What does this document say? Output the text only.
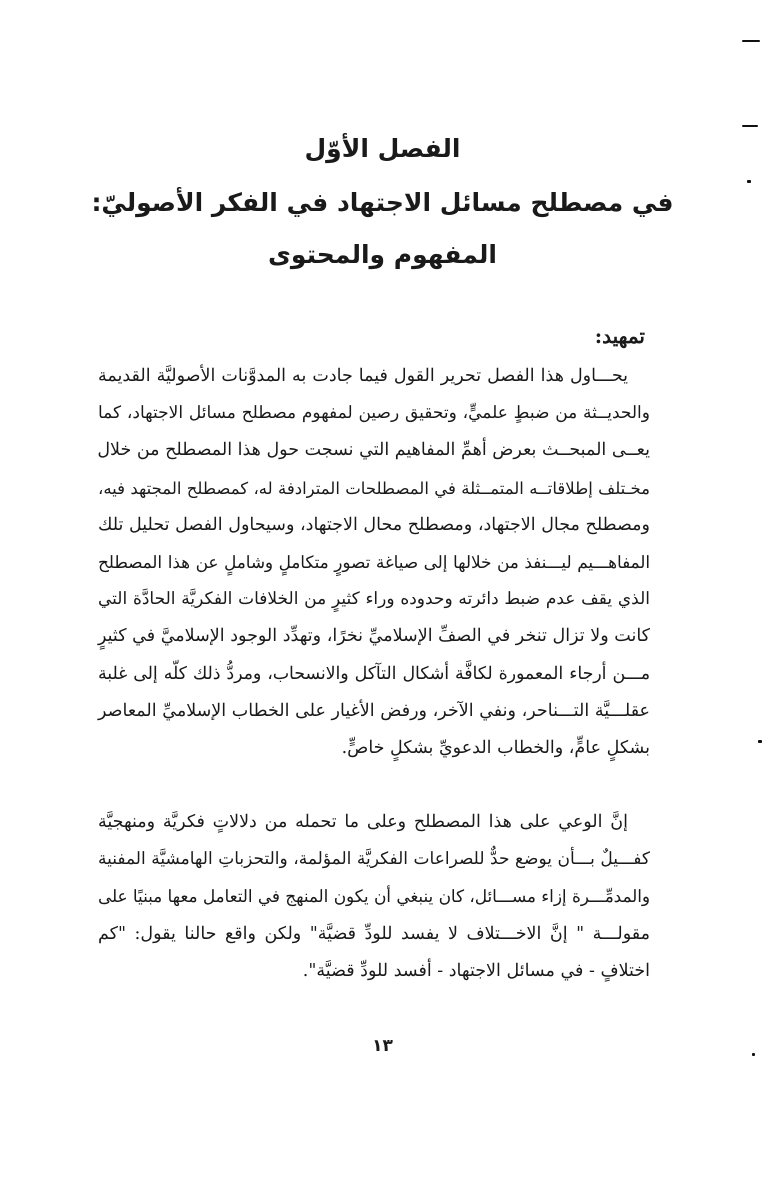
الفصل الأوّل
في مصطلح مسائل الاجتهاد في الفكر الأصوليّ:
المفهوم والمحتوى
تمهيد:
يحـــاول هذا الفصل تحرير القول فيما جادت به المدوَّنات الأصوليَّة القديمة
والحديــثة من ضبطٍ علميٍّ، وتحقيق رصين لمفهوم مصطلح مسائل الاجتهاد، كما
يعــى المبحــث بعرض أهمِّ المفاهيم التي نسجت حول هذا المصطلح من خلال
مخـتلف إطلاقاتــه المتمــثلة في المصطلحات المترادفة له، كمصطلح المجتهد فيه،
ومصطلح مجال الاجتهاد، ومصطلح محال الاجتهاد، وسيحاول الفصل تحليل تلك
المفاهـــيم ليـــنفذ من خلالها إلى صياغة تصورٍ متكاملٍ وشاملٍ عن هذا المصطلح
الذي يقف عدم ضبط دائرته وحدوده وراء كثيرٍ من الخلافات الفكريَّة الحادَّة التي
كانت ولا تزال تنخر في الصفِّ الإسلاميِّ نخرًا، وتهدِّد الوجود الإسلاميَّ في كثيرٍ
مـــن أرجاء المعمورة لكافَّة أشكال التآكل والانسحاب، ومردُّ ذلك كلّه إلى غلبة
عقلـــيَّة التـــناحر، ونفي الآخر، ورفض الأغيار على الخطاب الإسلاميِّ المعاصر
بشكلٍ عامٍّ، والخطاب الدعويِّ بشكلٍ خاصٍّ.
إنَّ الوعي على هذا المصطلح وعلى ما تحمله من دلالاتٍ فكريَّة ومنهجيَّة
كفـــيلٌ بـــأن يوضع حدٌّ للصراعات الفكريَّة المؤلمة، والتحزباتِ الهامشيَّة المفنية
والمدمِّـــرة إزاء مســـائل، كان ينبغي أن يكون المنهج في التعامل معها مبنيًا على
مقولـــة " إنَّ الاخـــتلاف لا يفسد للودِّ قضيَّة" ولكن واقع حالنا يقول: "كم
اختلافٍ - في مسائل الاجتهاد - أفسد للودِّ قضيَّة".
١٣
